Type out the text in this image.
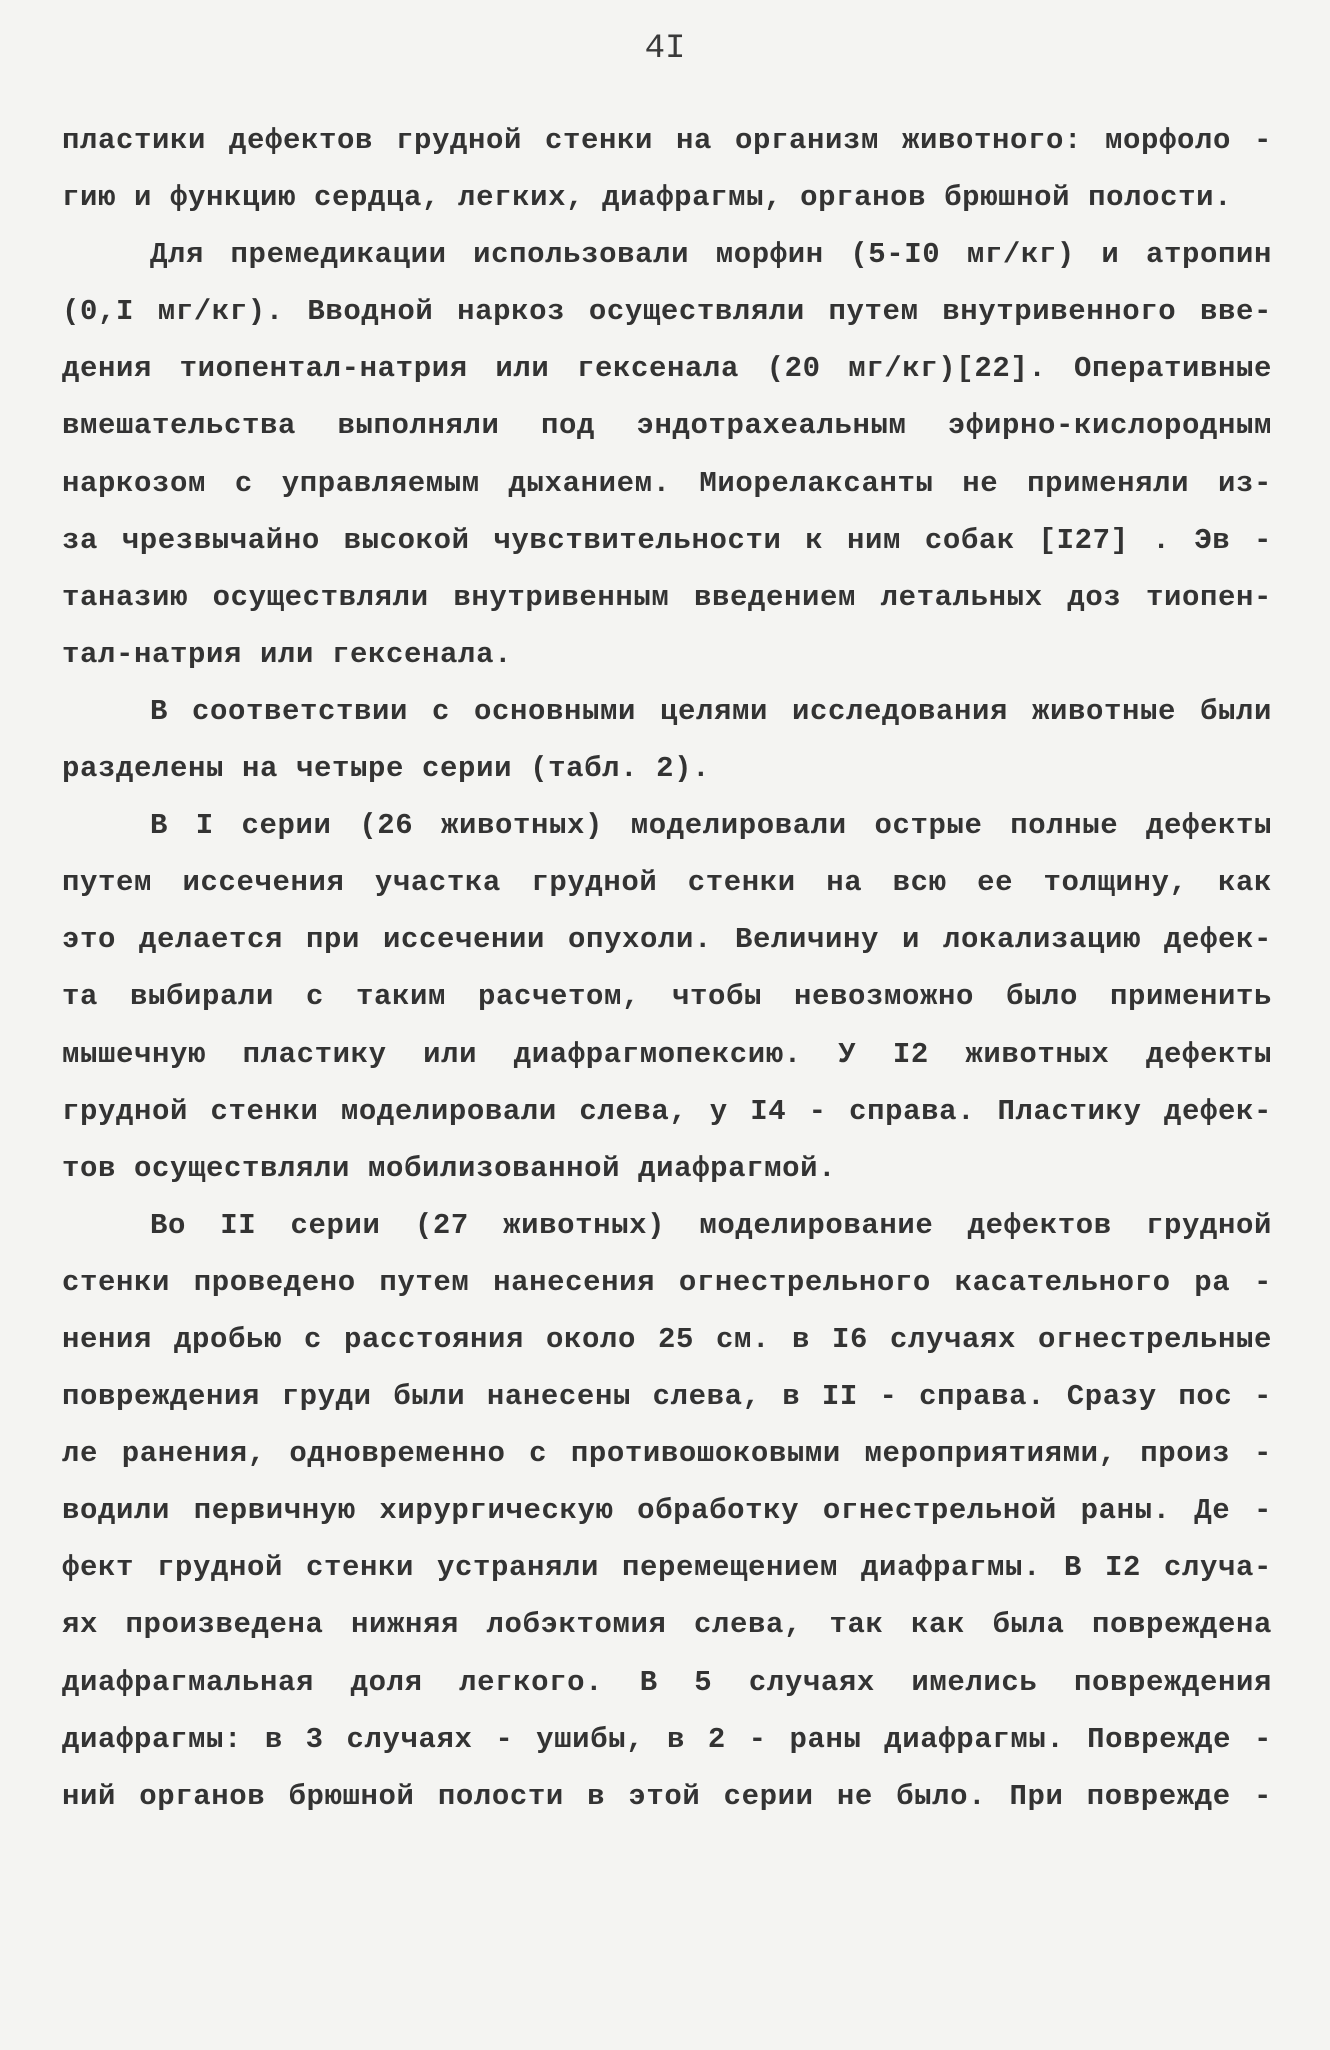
4I
пластики дефектов грудной стенки на организм животного: морфоло -
гию и функцию сердца, легких, диафрагмы, органов брюшной полости.
Для премедикации использовали морфин (5-I0 мг/кг) и атропин
(0,I мг/кг). Вводной наркоз осуществляли путем внутривенного вве-
дения тиопентал-натрия или гексенала (20 мг/кг)[22]. Оперативные
вмешательства выполняли под эндотрахеальным эфирно-кислородным
наркозом с управляемым дыханием. Миорелаксанты не применяли из-
за чрезвычайно высокой чувствительности к ним собак [I27] . Эв -
таназию осуществляли внутривенным введением летальных доз тиопен-
тал-натрия или гексенала.
В соответствии с основными целями исследования животные были
разделены на четыре серии (табл. 2).
В I серии (26 животных) моделировали острые полные дефекты
путем иссечения участка грудной стенки на всю ее толщину, как
это делается при иссечении опухоли. Величину и локализацию дефек-
та выбирали с таким расчетом, чтобы невозможно было применить
мышечную пластику или диафрагмопексию. У I2 животных дефекты
грудной стенки моделировали слева, у I4 - справа. Пластику дефек-
тов осуществляли мобилизованной диафрагмой.
Во II серии (27 животных) моделирование дефектов грудной
стенки проведено путем нанесения огнестрельного касательного ра -
нения дробью с расстояния около 25 см. в I6 случаях огнестрельные
повреждения груди были нанесены слева, в II - справа. Сразу пос -
ле ранения, одновременно с противошоковыми мероприятиями, произ -
водили первичную хирургическую обработку огнестрельной раны. Де -
фект грудной стенки устраняли перемещением диафрагмы. В I2 случа-
ях произведена нижняя лобэктомия слева, так как была повреждена
диафрагмальная доля легкого. В 5 случаях имелись повреждения
диафрагмы: в 3 случаях - ушибы, в 2 - раны диафрагмы. Поврежде -
ний органов брюшной полости в этой серии не было. При повреждe -
